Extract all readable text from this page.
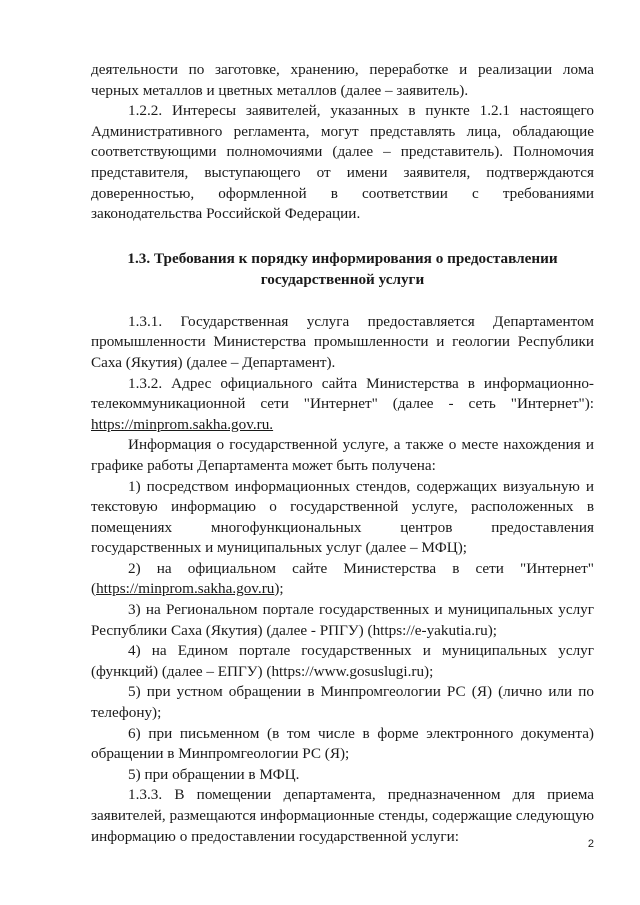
деятельности по заготовке, хранению, переработке и реализации лома черных металлов и цветных металлов (далее – заявитель).

1.2.2. Интересы заявителей, указанных в пункте 1.2.1 настоящего Административного регламента, могут представлять лица, обладающие соответствующими полномочиями (далее – представитель). Полномочия представителя, выступающего от имени заявителя, подтверждаются доверенностью, оформленной в соответствии с требованиями законодательства Российской Федерации.

1.3. Требования к порядку информирования о предоставлении
государственной услуги

1.3.1. Государственная услуга предоставляется Департаментом промышленности Министерства промышленности и геологии Республики Саха (Якутия) (далее – Департамент).

1.3.2. Адрес официального сайта Министерства в информационно-телекоммуникационной сети "Интернет" (далее - сеть "Интернет"): https://minprom.sakha.gov.ru.

Информация о государственной услуге, а также о месте нахождения и графике работы Департамента может быть получена:

1) посредством информационных стендов, содержащих визуальную и текстовую информацию о государственной услуге, расположенных в помещениях многофункциональных центров предоставления государственных и муниципальных услуг (далее – МФЦ);

2) на официальном сайте Министерства в сети "Интернет" (https://minprom.sakha.gov.ru);

3) на Региональном портале государственных и муниципальных услуг Республики Саха (Якутия) (далее - РПГУ) (https://e-yakutia.ru);

4) на Едином портале государственных и муниципальных услуг (функций) (далее – ЕПГУ) (https://www.gosuslugi.ru);

5) при устном обращении в Минпромгеологии РС (Я) (лично или по телефону);

6) при письменном (в том числе в форме электронного документа) обращении в Минпромгеологии РС (Я);

5) при обращении в МФЦ.

1.3.3. В помещении департамента, предназначенном для приема заявителей, размещаются информационные стенды, содержащие следующую информацию о предоставлении государственной услуги:	2
